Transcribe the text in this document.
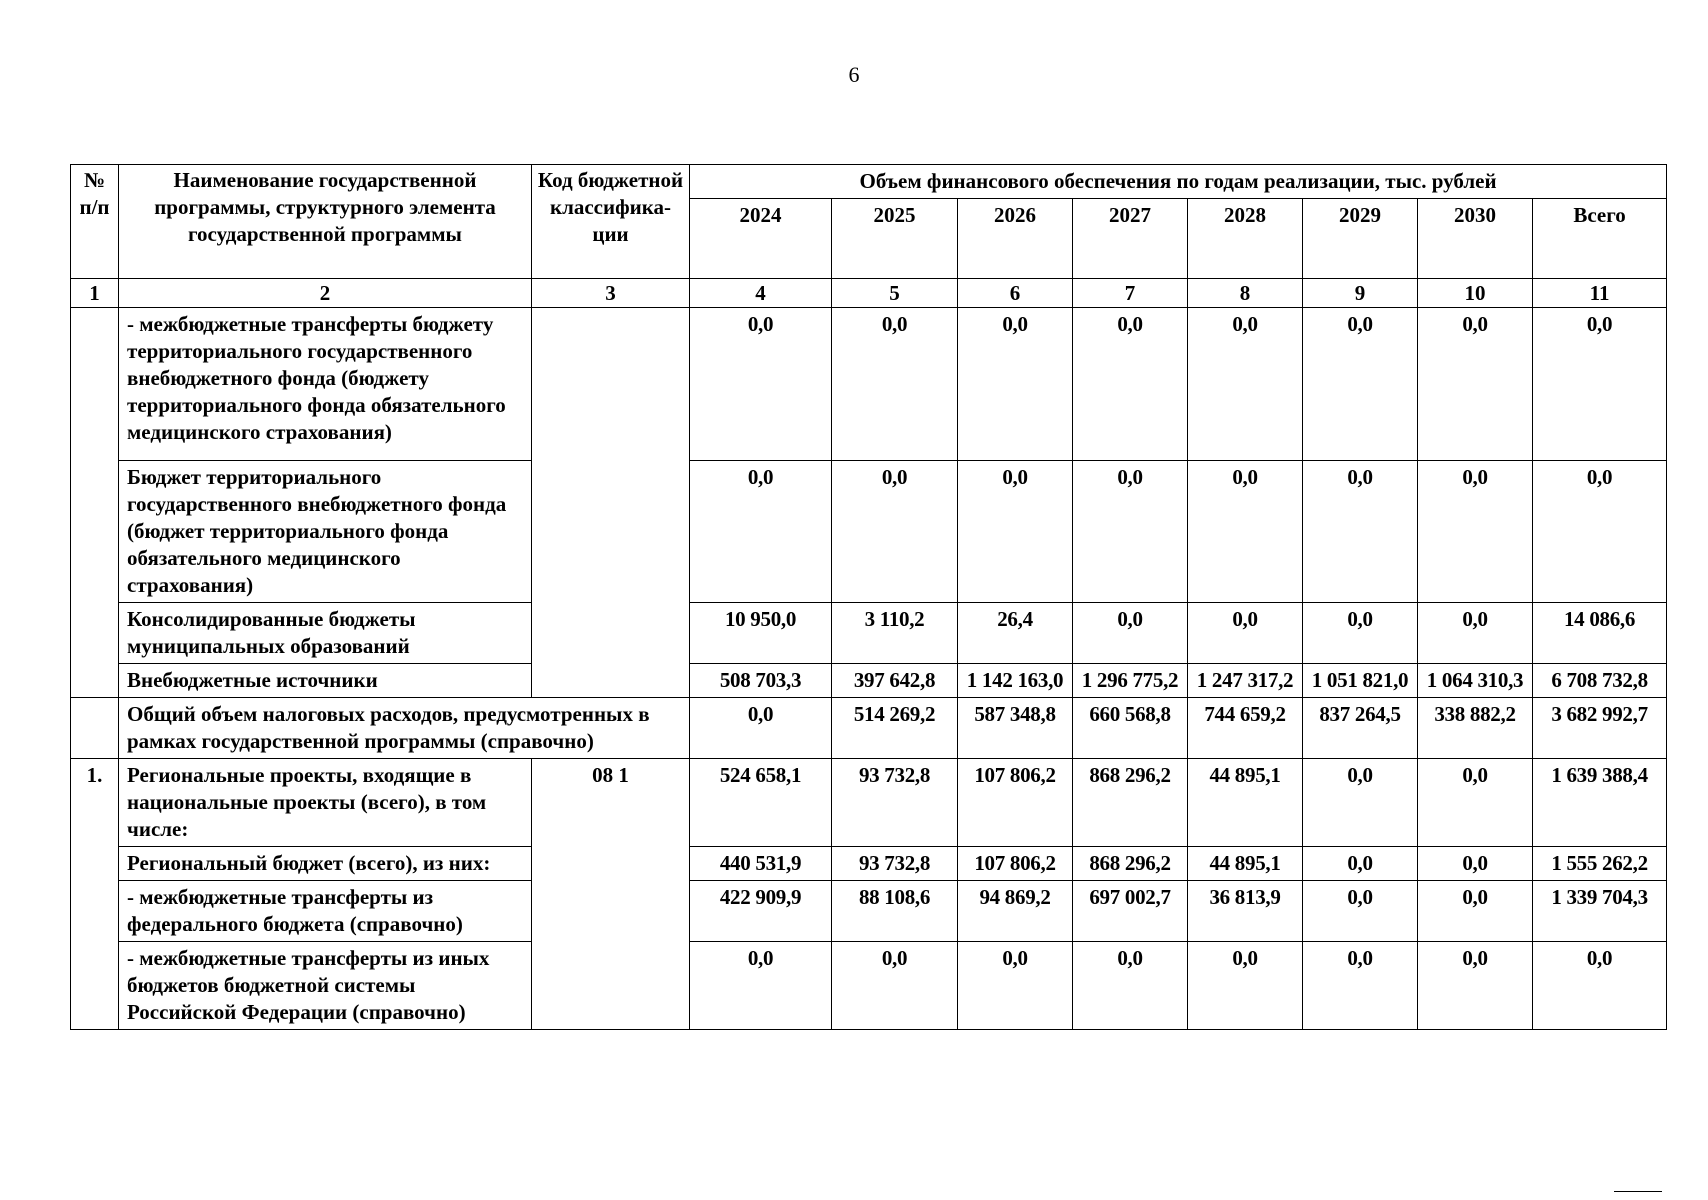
6
№ п/п	Наименование государственной программы, структурного элемента государственной программы	Код бюджетной классифика-ции	Объем финансового обеспечения по годам реализации, тыс. рублей							
			2024	2025	2026	2027	2028	2029	2030	Всего
1	2	3	4	5	6	7	8	9	10	11
	- межбюджетные трансферты бюджету территориального государственного внебюджетного фонда (бюджету территориального фонда обязательного медицинского страхования)		0,0	0,0	0,0	0,0	0,0	0,0	0,0	0,0
	Бюджет территориального государственного внебюджетного фонда (бюджет территориального фонда обязательного медицинского страхования)		0,0	0,0	0,0	0,0	0,0	0,0	0,0	0,0
	Консолидированные бюджеты муниципальных образований		10 950,0	3 110,2	26,4	0,0	0,0	0,0	0,0	14 086,6
	Внебюджетные источники		508 703,3	397 642,8	1 142 163,0	1 296 775,2	1 247 317,2	1 051 821,0	1 064 310,3	6 708 732,8
	Общий объем налоговых расходов, предусмотренных в рамках государственной программы (справочно)		0,0	514 269,2	587 348,8	660 568,8	744 659,2	837 264,5	338 882,2	3 682 992,7
1.	Региональные проекты, входящие в национальные проекты (всего), в том числе:	08 1	524 658,1	93 732,8	107 806,2	868 296,2	44 895,1	0,0	0,0	1 639 388,4
	Региональный бюджет (всего), из них:		440 531,9	93 732,8	107 806,2	868 296,2	44 895,1	0,0	0,0	1 555 262,2
	- межбюджетные трансферты из федерального бюджета (справочно)		422 909,9	88 108,6	94 869,2	697 002,7	36 813,9	0,0	0,0	1 339 704,3
	- межбюджетные трансферты из иных бюджетов бюджетной системы Российской Федерации (справочно)		0,0	0,0	0,0	0,0	0,0	0,0	0,0	0,0
